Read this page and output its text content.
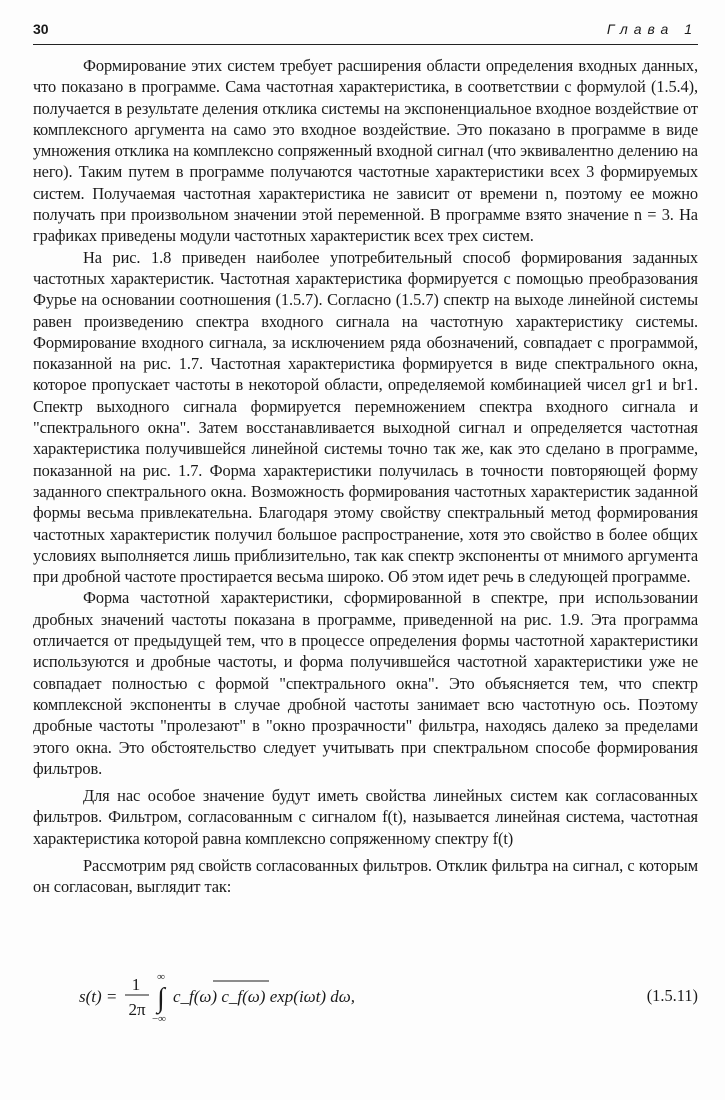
30	Глава 1

Формирование этих систем требует расширения области определения входных данных, что показано в программе. Сама частотная характеристика, в соответствии с формулой (1.5.4), получается в результате деления отклика системы на экспоненциальное входное воздействие от комплексного аргумента на само это входное воздействие. Это показано в программе в виде умножения отклика на комплексно сопряженный входной сигнал (что эквивалентно делению на него). Таким путем в программе получаются частотные характеристики всех 3 формируемых систем. Получаемая частотная характеристика не зависит от времени n, поэтому ее можно получать при произвольном значении этой переменной. В программе взято значение n = 3. На графиках приведены модули частотных характеристик всех трех систем.

На рис. 1.8 приведен наиболее употребительный способ формирования заданных частотных характеристик. Частотная характеристика формируется с помощью преобразования Фурье на основании соотношения (1.5.7). Согласно (1.5.7) спектр на выходе линейной системы равен произведению спектра входного сигнала на частотную характеристику системы. Формирование входного сигнала, за исключением ряда обозначений, совпадает с программой, показанной на рис. 1.7. Частотная характеристика формируется в виде спектрального окна, которое пропускает частоты в некоторой области, определяемой комбинацией чисел gr1 и br1. Спектр выходного сигнала формируется перемножением спектра входного сигнала и "спектрального окна". Затем восстанавливается выходной сигнал и определяется частотная характеристика получившейся линейной системы точно так же, как это сделано в программе, показанной на рис. 1.7. Форма характеристики получилась в точности повторяющей форму заданного спектрального окна. Возможность формирования частотных характеристик заданной формы весьма привлекательна. Благодаря этому свойству спектральный метод формирования частотных характеристик получил большое распространение, хотя это свойство в более общих условиях выполняется лишь приблизительно, так как спектр экспоненты от мнимого аргумента при дробной частоте простирается весьма широко. Об этом идет речь в следующей программе.

Форма частотной характеристики, сформированной в спектре, при использовании дробных значений частоты показана в программе, приведенной на рис. 1.9. Эта программа отличается от предыдущей тем, что в процессе определения формы частотной характеристики используются и дробные частоты, и форма получившейся частотной характеристики уже не совпадает полностью с формой "спектрального окна". Это объясняется тем, что спектр комплексной экспоненты в случае дробной частоты занимает всю частотную ось. Поэтому дробные частоты "пролезают" в "окно прозрачности" фильтра, находясь далеко за пределами этого окна. Это обстоятельство следует учитывать при спектральном способе формирования фильтров.

Для нас особое значение будут иметь свойства линейных систем как согласованных фильтров. Фильтром, согласованным с сигналом f(t), называется линейная система, частотная характеристика которой равна комплексно сопряженному спектру f(t)

Рассмотрим ряд свойств согласованных фильтров. Отклик фильтра на сигнал, с которым он согласован, выглядит так:

s(t) =
1
2π
∞
∫
−∞
c_f(ω) c_f(ω) exp(iωt) dω,	(1.5.11)
